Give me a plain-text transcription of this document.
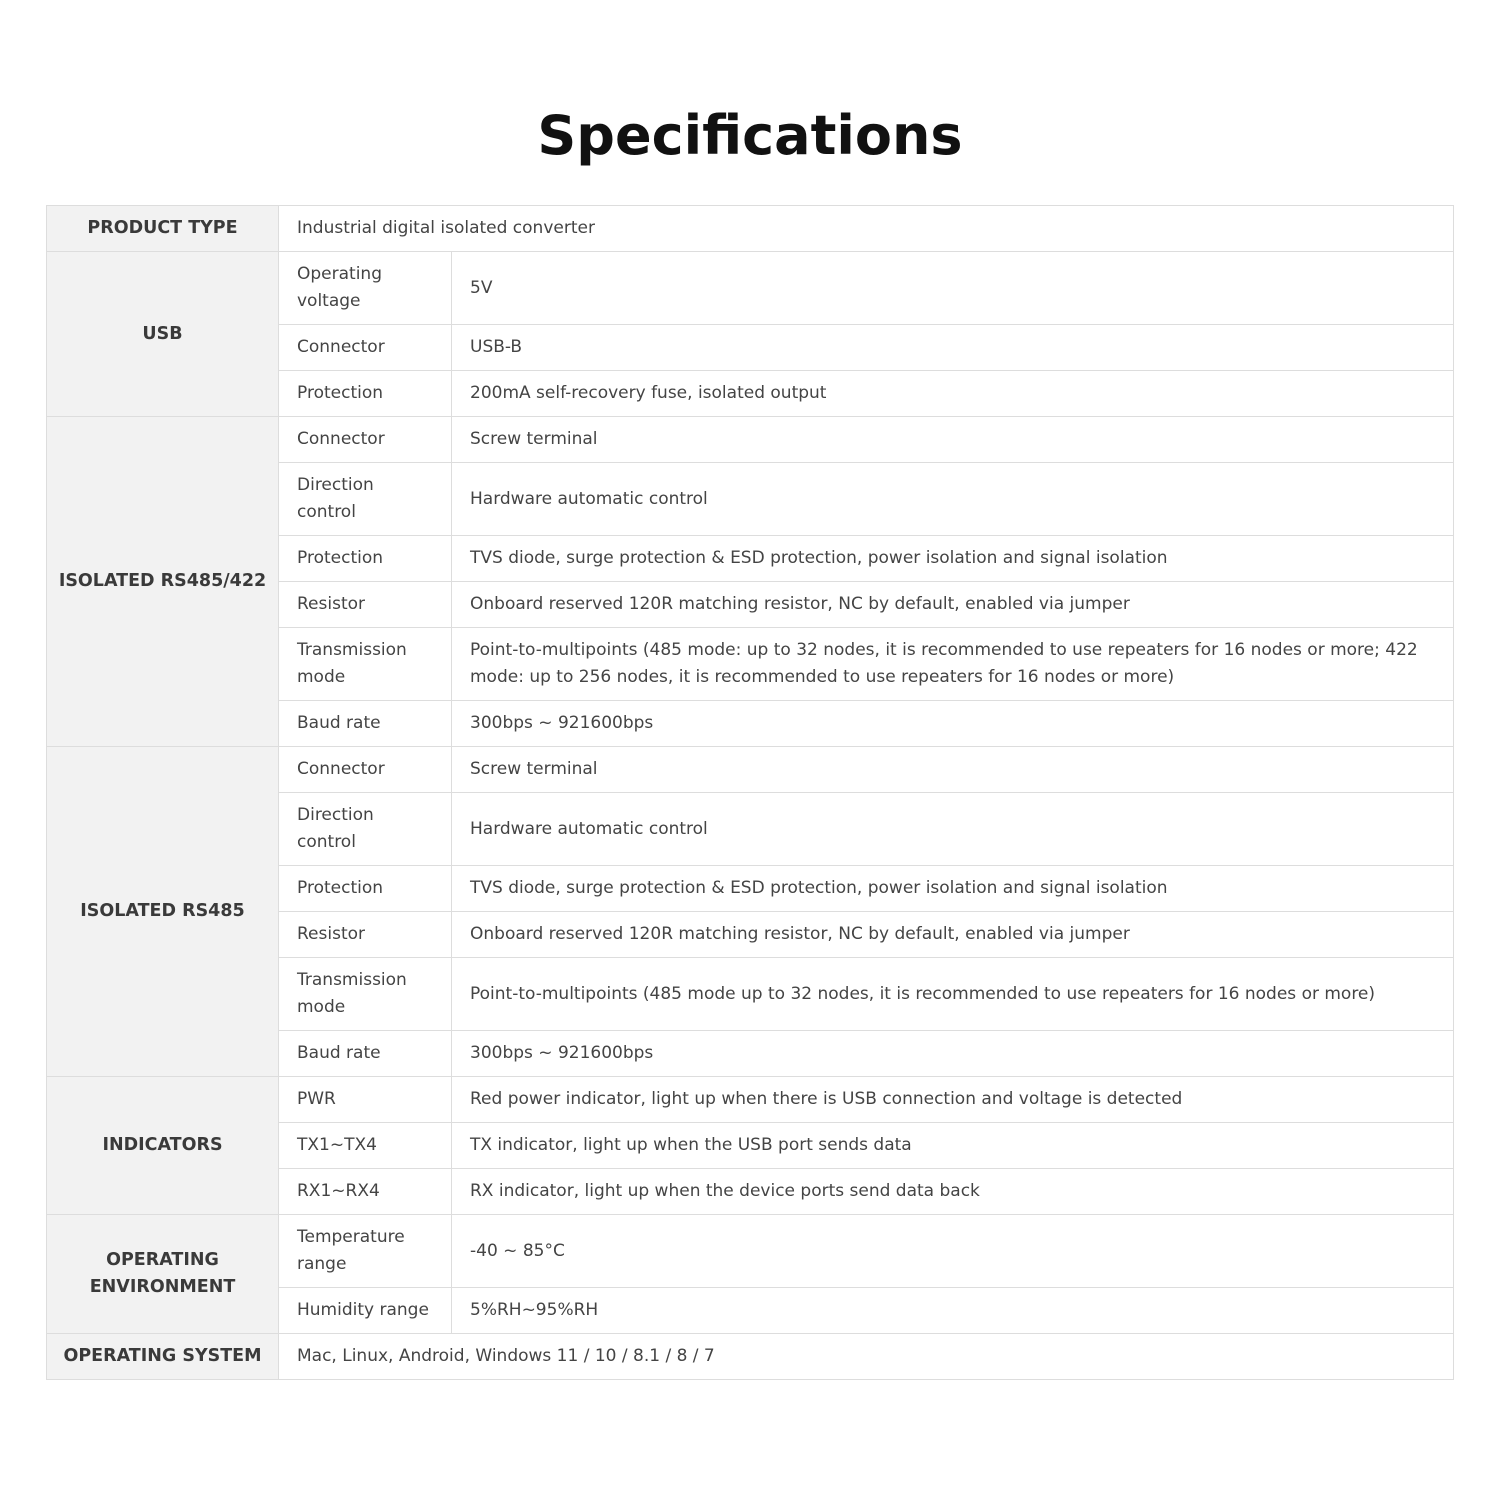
Specifications
PRODUCT TYPE	Industrial digital isolated converter	
USB	Operating voltage	5V
	Connector	USB-B
	Protection	200mA self-recovery fuse, isolated output
ISOLATED RS485/422	Connector	Screw terminal
	Direction control	Hardware automatic control
	Protection	TVS diode, surge protection & ESD protection, power isolation and signal isolation
	Resistor	Onboard reserved 120R matching resistor, NC by default, enabled via jumper
	Transmission mode	Point-to-multipoints (485 mode: up to 32 nodes, it is recommended to use repeaters for 16 nodes or more; 422 mode: up to 256 nodes, it is recommended to use repeaters for 16 nodes or more)
	Baud rate	300bps ~ 921600bps
ISOLATED RS485	Connector	Screw terminal
	Direction control	Hardware automatic control
	Protection	TVS diode, surge protection & ESD protection, power isolation and signal isolation
	Resistor	Onboard reserved 120R matching resistor, NC by default, enabled via jumper
	Transmission mode	Point-to-multipoints (485 mode up to 32 nodes, it is recommended to use repeaters for 16 nodes or more)
	Baud rate	300bps ~ 921600bps
INDICATORS	PWR	Red power indicator, light up when there is USB connection and voltage is detected
	TX1~TX4	TX indicator, light up when the USB port sends data
	RX1~RX4	RX indicator, light up when the device ports send data back
OPERATING ENVIRONMENT	Temperature range	-40 ~ 85°C
	Humidity range	5%RH~95%RH
OPERATING SYSTEM	Mac, Linux, Android, Windows 11 / 10 / 8.1 / 8 / 7	
